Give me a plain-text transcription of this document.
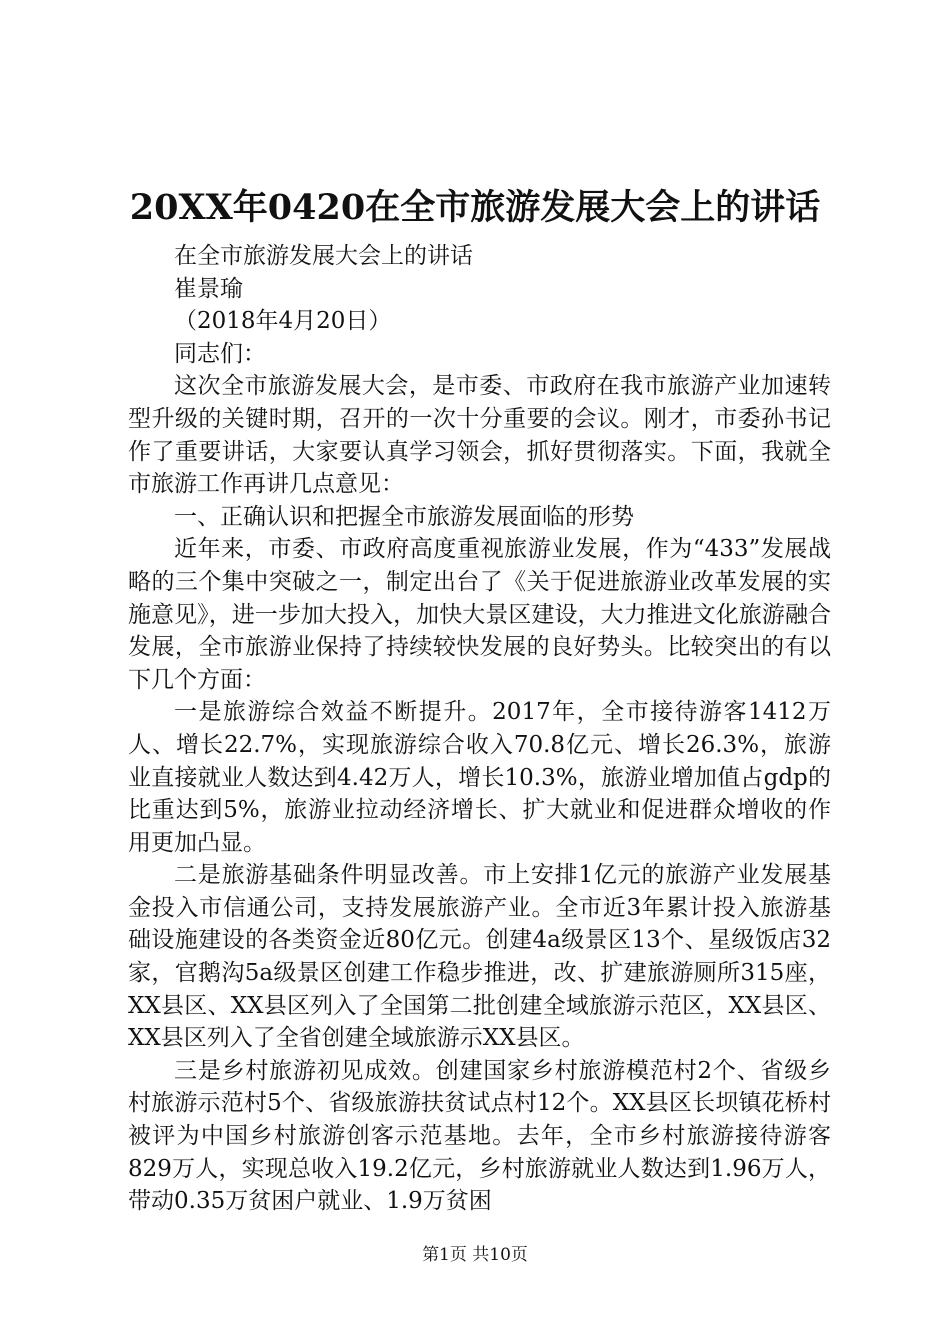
20XX年0420在全市旅游发展大会上的讲话

在全市旅游发展大会上的讲话

崔景瑜

（2018年4月20日）

同志们：

这次全市旅游发展大会，是市委、市政府在我市旅游产业加速转型升级的关键时期，召开的一次十分重要的会议。刚才，市委孙书记作了重要讲话，大家要认真学习领会，抓好贯彻落实。下面，我就全市旅游工作再讲几点意见：

一、正确认识和把握全市旅游发展面临的形势

近年来，市委、市政府高度重视旅游业发展，作为“433”发展战略的三个集中突破之一，制定出台了《关于促进旅游业改革发展的实施意见》，进一步加大投入，加快大景区建设，大力推进文化旅游融合发展，全市旅游业保持了持续较快发展的良好势头。比较突出的有以下几个方面：

一是旅游综合效益不断提升。2017年，全市接待游客1412万人、增长22.7%，实现旅游综合收入70.8亿元、增长26.3%，旅游业直接就业人数达到4.42万人，增长10.3%，旅游业增加值占gdp的比重达到5%，旅游业拉动经济增长、扩大就业和促进群众增收的作用更加凸显。

二是旅游基础条件明显改善。市上安排1亿元的旅游产业发展基金投入市信通公司，支持发展旅游产业。全市近3年累计投入旅游基础设施建设的各类资金近80亿元。创建4a级景区13个、星级饭店32家，官鹅沟5a级景区创建工作稳步推进，改、扩建旅游厕所315座，XX县区、XX县区列入了全国第二批创建全域旅游示范区，XX县区、XX县区列入了全省创建全域旅游示XX县区。

三是乡村旅游初见成效。创建国家乡村旅游模范村2个、省级乡村旅游示范村5个、省级旅游扶贫试点村12个。XX县区长坝镇花桥村被评为中国乡村旅游创客示范基地。去年，全市乡村旅游接待游客829万人，实现总收入19.2亿元，乡村旅游就业人数达到1.96万人，带动0.35万贫困户就业、1.9万贫困

第1页 共10页
